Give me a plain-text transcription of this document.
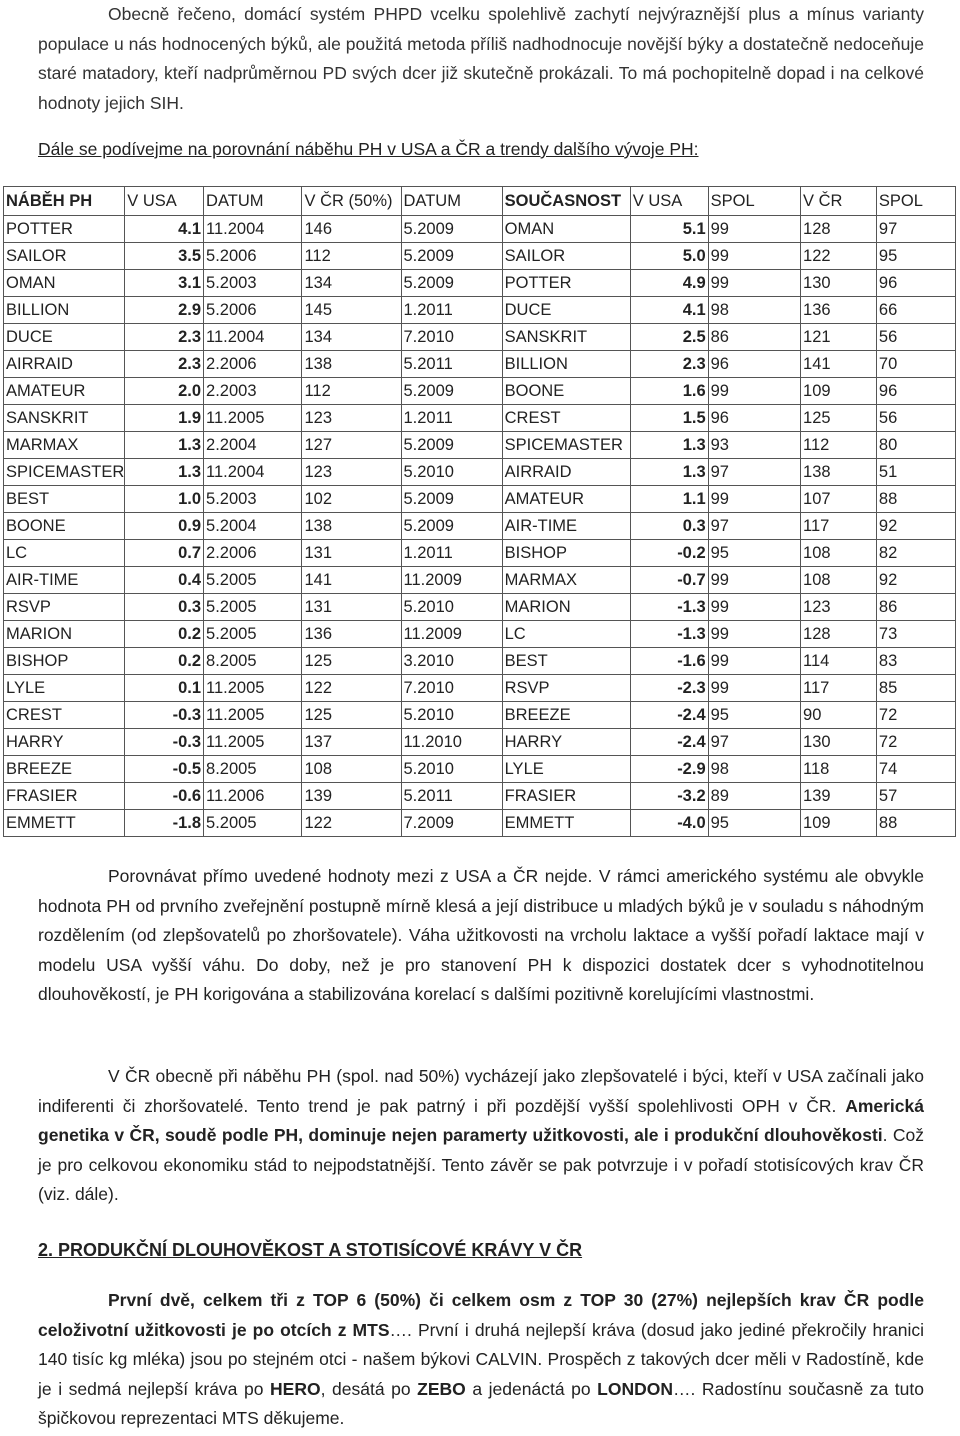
Obecně řečeno, domácí systém PHPD vcelku spolehlivě zachytí nejvýraznější plus a mínus varianty populace u nás hodnocených býků, ale použitá metoda příliš nadhodnocuje novější býky a dostatečně nedoceňuje staré matadory, kteří nadprůměrnou PD svých dcer již skutečně prokázali. To má pochopitelně dopad i na celkové hodnoty jejich SIH.
Dále se podívejme na porovnání náběhu PH v USA a ČR a trendy dalšího vývoje PH:
NÁBĚH PH	V USA	DATUM	V ČR (50%)	DATUM	SOUČASNOST	V USA	SPOL	V ČR	SPOL
POTTER	4.1	11.2004	146	5.2009	OMAN	5.1	99	128	97
SAILOR	3.5	5.2006	112	5.2009	SAILOR	5.0	99	122	95
OMAN	3.1	5.2003	134	5.2009	POTTER	4.9	99	130	96
BILLION	2.9	5.2006	145	1.2011	DUCE	4.1	98	136	66
DUCE	2.3	11.2004	134	7.2010	SANSKRIT	2.5	86	121	56
AIRRAID	2.3	2.2006	138	5.2011	BILLION	2.3	96	141	70
AMATEUR	2.0	2.2003	112	5.2009	BOONE	1.6	99	109	96
SANSKRIT	1.9	11.2005	123	1.2011	CREST	1.5	96	125	56
MARMAX	1.3	2.2004	127	5.2009	SPICEMASTER	1.3	93	112	80
SPICEMASTER	1.3	11.2004	123	5.2010	AIRRAID	1.3	97	138	51
BEST	1.0	5.2003	102	5.2009	AMATEUR	1.1	99	107	88
BOONE	0.9	5.2004	138	5.2009	AIR-TIME	0.3	97	117	92
LC	0.7	2.2006	131	1.2011	BISHOP	-0.2	95	108	82
AIR-TIME	0.4	5.2005	141	11.2009	MARMAX	-0.7	99	108	92
RSVP	0.3	5.2005	131	5.2010	MARION	-1.3	99	123	86
MARION	0.2	5.2005	136	11.2009	LC	-1.3	99	128	73
BISHOP	0.2	8.2005	125	3.2010	BEST	-1.6	99	114	83
LYLE	0.1	11.2005	122	7.2010	RSVP	-2.3	99	117	85
CREST	-0.3	11.2005	125	5.2010	BREEZE	-2.4	95	90	72
HARRY	-0.3	11.2005	137	11.2010	HARRY	-2.4	97	130	72
BREEZE	-0.5	8.2005	108	5.2010	LYLE	-2.9	98	118	74
FRASIER	-0.6	11.2006	139	5.2011	FRASIER	-3.2	89	139	57
EMMETT	-1.8	5.2005	122	7.2009	EMMETT	-4.0	95	109	88
Porovnávat přímo uvedené hodnoty mezi z USA a ČR nejde. V rámci amerického systému ale obvykle hodnota PH od prvního zveřejnění postupně mírně klesá a její distribuce u mladých býků je v souladu s náhodným rozdělením (od zlepšovatelů po zhoršovatele). Váha užitkovosti na vrcholu laktace a vyšší pořadí laktace mají v modelu USA vyšší váhu. Do doby, než je pro stanovení PH k dispozici dostatek dcer s vyhodnotitelnou dlouhověkostí, je PH korigována a stabilizována korelací s dalšími pozitivně korelujícími vlastnostmi.
V ČR obecně při náběhu PH (spol. nad 50%) vycházejí jako zlepšovatelé i býci, kteří v USA začínali jako indiferenti či zhoršovatelé. Tento trend je pak patrný i při pozdější vyšší spolehlivosti OPH v ČR. Americká genetika v ČR, soudě podle PH, dominuje nejen paramerty užitkovosti, ale i produkční dlouhověkosti. Což je pro celkovou ekonomiku stád to nejpodstatnější. Tento závěr se pak potvrzuje i v pořadí stotisícových krav ČR (viz. dále).
2. PRODUKČNÍ DLOUHOVĚKOST A STOTISÍCOVÉ KRÁVY V ČR
První dvě, celkem tři z TOP 6 (50%) či celkem osm z TOP 30 (27%) nejlepších krav ČR podle celoživotní užitkovosti je po otcích z MTS…. První i druhá nejlepší kráva (dosud jako jediné překročily hranici 140 tisíc kg mléka) jsou po stejném otci - našem býkovi CALVIN. Prospěch z takových dcer měli v Radostíně, kde je i sedmá nejlepší kráva po HERO, desátá po ZEBO a jedenáctá po LONDON…. Radostínu současně za tuto špičkovou reprezentaci MTS děkujeme.
